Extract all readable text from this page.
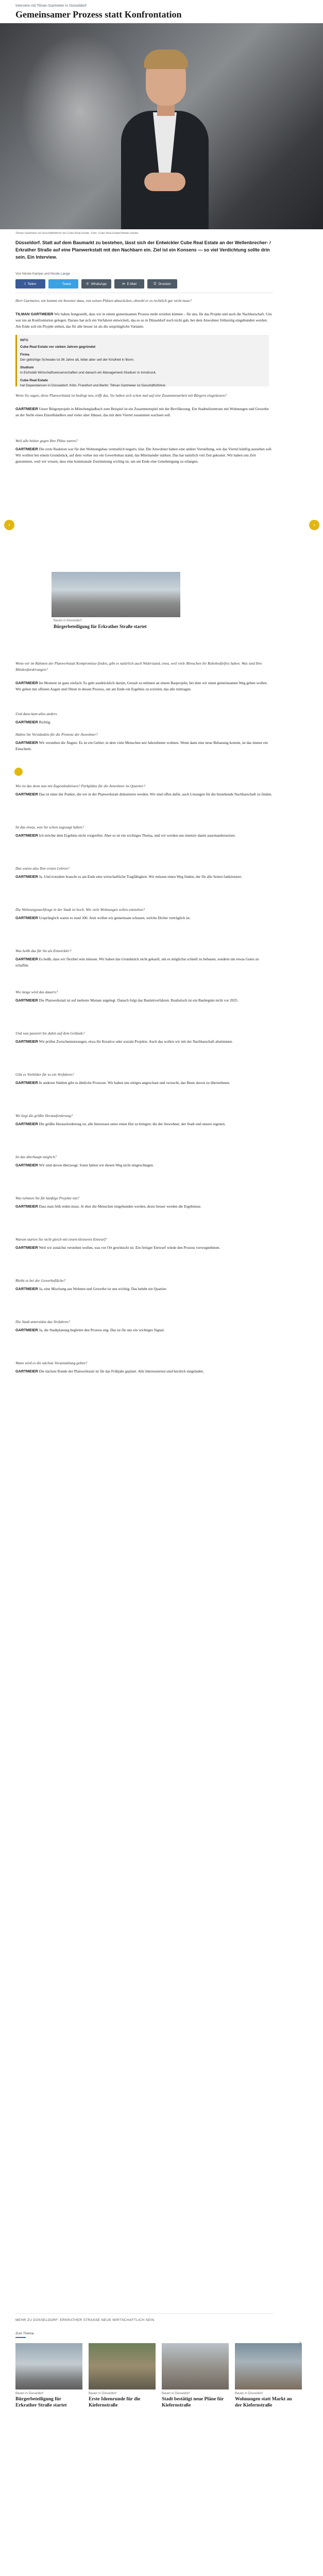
Interview mit Tilman Gartmeier in Düsseldorf
Gemeinsamer Prozess statt Konfrontation
Tilman Gartmeier ist Geschäftsführer bei Cube Real Estate. Foto: Cube Real Estate/Stefan Hanke
Düsseldorf. Statt auf dem Baumarkt zu bestehen, lässt sich der Entwickler Cube Real Estate an der Wellenbrecher- / Erkrather Straße auf eine Planwerkstatt mit den Nachbarn ein. Ziel ist ein Konsens — so viel Verdichtung sollte drin sein. Ein Interview.
Von Nicole Kampe und Nicole Lange
f Teilen	🐦 Tweet	✆ WhatsApp	✉ E-Mail	⎙ Drucken
Herr Gartmeier, wie kommt ein Investor dazu, von seinen Plänen abzurücken, obwohl er es rechtlich gar nicht muss?
TILMAN GARTMEIER Wir haben festgestellt, dass wir in einem gemeinsamen Prozess mehr erzielen können – für uns, für das Projekt und auch die Nachbarschaft. Uns war nie an Konfrontation gelegen. Daraus hat sich ein Verfahren entwickelt, das es so in Düsseldorf noch nicht gab, bei dem Anwohner frühzeitig eingebunden werden. Am Ende soll ein Projekt stehen, das für alle besser ist als die ursprüngliche Variante.
INFO
Cube Real Estate vor sieben Jahren gegründet
Firma
Der gebürtige Schwabe ist 36 Jahre alt, lebte aber seit der Kindheit in Bonn.
Studium
in Eichstätt Wirtschaftswissenschaften und danach ein Management-Studium in Innsbruck.
Cube Real Estate
hat Dependancen in Düsseldorf, Köln, Frankfurt und Berlin; Tilman Gartmeier ist Geschäftsführer.
Wenn Sie sagen, diese Planwerkstatt ist bedingt neu, trifft das. Sie haben sich schon mal auf eine Zusammenarbeit mit Bürgern eingelassen?
GARTMEIER Unser Bürgerprojekt in Mönchengladbach zum Beispiel ist ein Zusammenspiel mit der Bevölkerung. Ein Stadtteilzentrum mit Wohnungen und Gewerbe an der Stelle eines Einzelhändlers und vieler alter Häuser, das mit dem Viertel zusammen wachsen soll.
Weil alle bisher gegen Ihre Pläne waren?
GARTMEIER Die erste Reaktion war für den Wohnungsbau vermutlich negativ, klar. Die Anwohner haben eine andere Vorstellung, wie das Viertel künftig aussehen soll. Wir wollten bei einem Grundstück, auf dem vorher nur ein Gewerbebau stand, das Miteinander stärken. Das hat natürlich viel Zeit gekostet. Wir haben uns Zeit genommen, weil wir wissen, dass eine kommunale Zustimmung wichtig ist, um am Ende eine Genehmigung zu erlangen.
‹	›
Bauen in Düsseldorf
Bürgerbeteiligung für Erkrather Straße startet
Wenn wir im Rahmen der Planwerkstatt Kompromisse finden, gibt es natürlich auch Widerstand, etwa, weil viele Menschen ihr Ruhebedürfnis haben. Was sind Ihre Mindestforderungen?
GARTMEIER Im Moment ist ganz einfach: Es geht ausdrücklich darum, Gestalt zu nehmen an einem Bauprojekt, bei dem wir einen gemeinsamen Weg gehen wollen. Wir gehen mit offenen Augen und Ohren in diesen Prozess, um am Ende ein Ergebnis zu erzielen, das alle mittragen.
Und dann kam alles anders.
GARTMEIER Richtig.
Haben Sie Verständnis für die Proteste der Anwohner?
GARTMEIER Wir verstehen die Ängste. Es ist ein Gebiet, in dem viele Menschen seit Jahrzehnten wohnen. Wenn dann eine neue Bebauung kommt, ist das immer ein Einschnitt.
Wie ist das denn nun mit Zugeständnissen? Parkplätze für die Anwohner im Quartier?
GARTMEIER Das ist einer der Punkte, die wir in der Planwerkstatt diskutieren werden. Wir sind offen dafür, auch Lösungen für die bestehende Nachbarschaft zu finden.
Ist das etwas, was Sie schon zugesagt haben?
GARTMEIER Ich möchte dem Ergebnis nicht vorgreifen. Aber es ist ein wichtiges Thema, und wir werden uns intensiv damit auseinandersetzen.
Das waren also Ihre ersten Lehren?
GARTMEIER Ja. Und trotzdem braucht es am Ende eine wirtschaftliche Tragfähigkeit. Wir müssen einen Weg finden, der für alle Seiten funktioniert.
Die Wohnungsnachfrage in der Stadt ist hoch. Wie viele Wohnungen sollen entstehen?
GARTMEIER Ursprünglich waren es rund 300. Jetzt wollen wir gemeinsam schauen, welche Dichte verträglich ist.
Was heißt das für Sie als Entwickler?
GARTMEIER Es heißt, dass wir flexibel sein müssen. Wir haben das Grundstück nicht gekauft, um es möglichst schnell zu bebauen, sondern um etwas Gutes zu schaffen.
Wie lange wird das dauern?
GARTMEIER Die Planwerkstatt ist auf mehrere Monate angelegt. Danach folgt das Bauleitverfahren. Realistisch ist ein Baubeginn nicht vor 2025.
Und was passiert bis dahin auf dem Gelände?
GARTMEIER Wir prüfen Zwischennutzungen, etwa für Kreative oder soziale Projekte. Auch das wollen wir mit der Nachbarschaft abstimmen.
Gibt es Vorbilder für so ein Verfahren?
GARTMEIER In anderen Städten gibt es ähnliche Prozesse. Wir haben uns einiges angeschaut und versucht, das Beste davon zu übernehmen.
Wo liegt die größte Herausforderung?
GARTMEIER Die größte Herausforderung ist, alle Interessen unter einen Hut zu bringen: die der Anwohner, der Stadt und unsere eigenen.
Ist das überhaupt möglich?
GARTMEIER Wir sind davon überzeugt. Sonst hätten wir diesen Weg nicht eingeschlagen.
Was nehmen Sie für künftige Projekte mit?
GARTMEIER Dass man früh reden muss. Je eher die Menschen eingebunden werden, desto besser werden die Ergebnisse.
Warum starten Sie nicht gleich mit einem kleineren Entwurf?
GARTMEIER Weil wir zunächst verstehen wollen, was vor Ort gewünscht ist. Ein fertiger Entwurf würde den Prozess vorwegnehmen.
Bleibt es bei der Gewerbefläche?
GARTMEIER Ja, eine Mischung aus Wohnen und Gewerbe ist uns wichtig. Das belebt ein Quartier.
Die Stadt unterstützt das Verfahren?
GARTMEIER Ja, die Stadtplanung begleitet den Prozess eng. Das ist für uns ein wichtiges Signal.
Wann wird es die nächste Veranstaltung geben?
GARTMEIER Die nächste Runde der Planwerkstatt ist für das Frühjahr geplant. Alle Interessierten sind herzlich eingeladen.
MEHR ZU DÜSSELDORF: ERKRATHER STRASSE NEUE WIRTSCHAFTLICH SEIN
Zum Thema
Bauen in Düsseldorf
Bürgerbeteiligung für Erkrather Straße startet
Bauen in Düsseldorf
Erste Ideenrunde für die Kiefernstraße
Bauen in Düsseldorf
Stadt bestätigt neue Pläne für Kiefernstraße
Bauen in Düsseldorf
Wohnungen statt Markt an der Kiefernstraße
›
